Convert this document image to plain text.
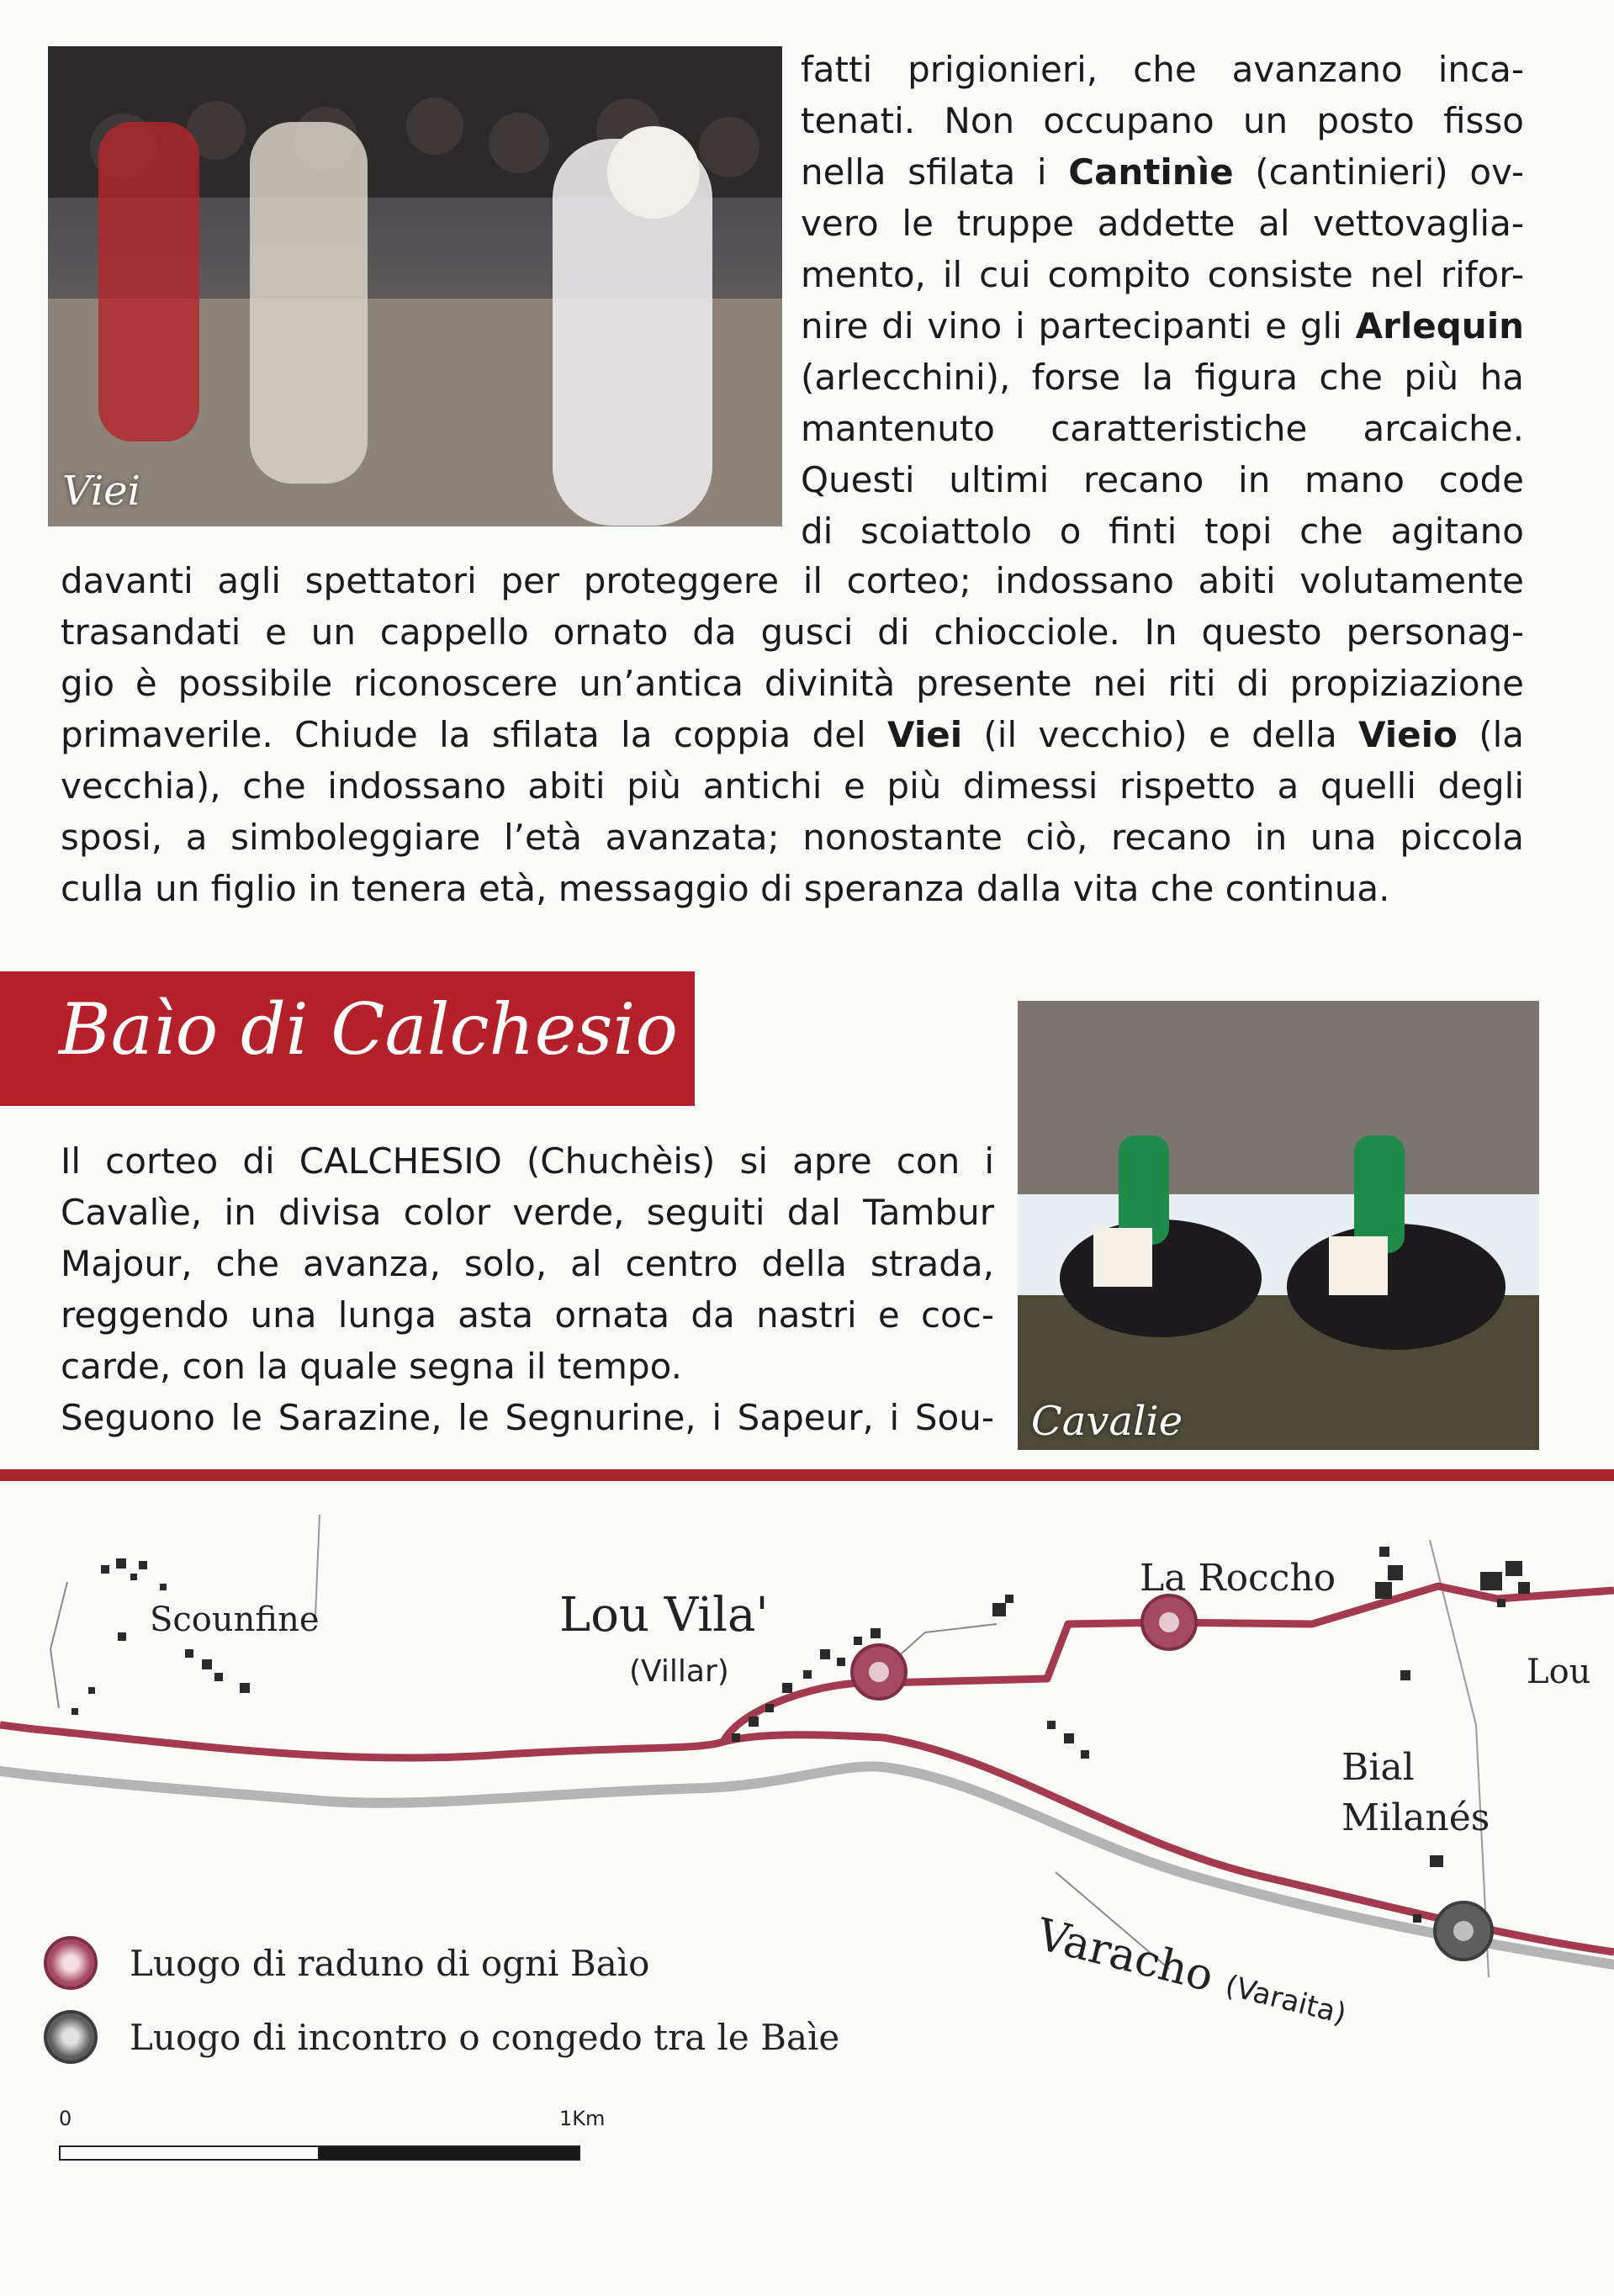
Viei
fatti prigionieri, che avanzano inca-
tenati. Non occupano un posto fisso
nella sfilata i Cantinìe (cantinieri) ov-
vero le truppe addette al vettovaglia-
mento, il cui compito consiste nel rifor-
nire di vino i partecipanti e gli Arlequin
(arlecchini), forse la figura che più ha
mantenuto caratteristiche arcaiche.
Questi ultimi recano in mano code
di scoiattolo o finti topi che agitano
davanti agli spettatori per proteggere il corteo; indossano abiti volutamente
trasandati e un cappello ornato da gusci di chiocciole. In questo personag-
gio è possibile riconoscere un’antica divinità presente nei riti di propiziazione
primaverile. Chiude la sfilata la coppia del Viei (il vecchio) e della Vieio (la
vecchia), che indossano abiti più antichi e più dimessi rispetto a quelli degli
sposi, a simboleggiare l’età avanzata; nonostante ciò, recano in una piccola
culla un figlio in tenera età, messaggio di speranza dalla vita che continua.
Baìo di Calchesio
Il corteo di CALCHESIO (Chuchèis) si apre con i
Cavalìe, in divisa color verde, seguiti dal Tambur
Majour, che avanza, solo, al centro della strada,
reggendo una lunga asta ornata da nastri e coc-
carde, con la quale segna il tempo.
Seguono le Sarazine, le Segnurine, i Sapeur, i Sou- Cavalie
Scounfine	Lou Vila'
(Villar)
La Roccho
Lou
Bial
Milanés
Varacho (Varaita)
Luogo di raduno di ogni Baìo
Luogo di incontro o congedo tra le Baìe
0	1Km
